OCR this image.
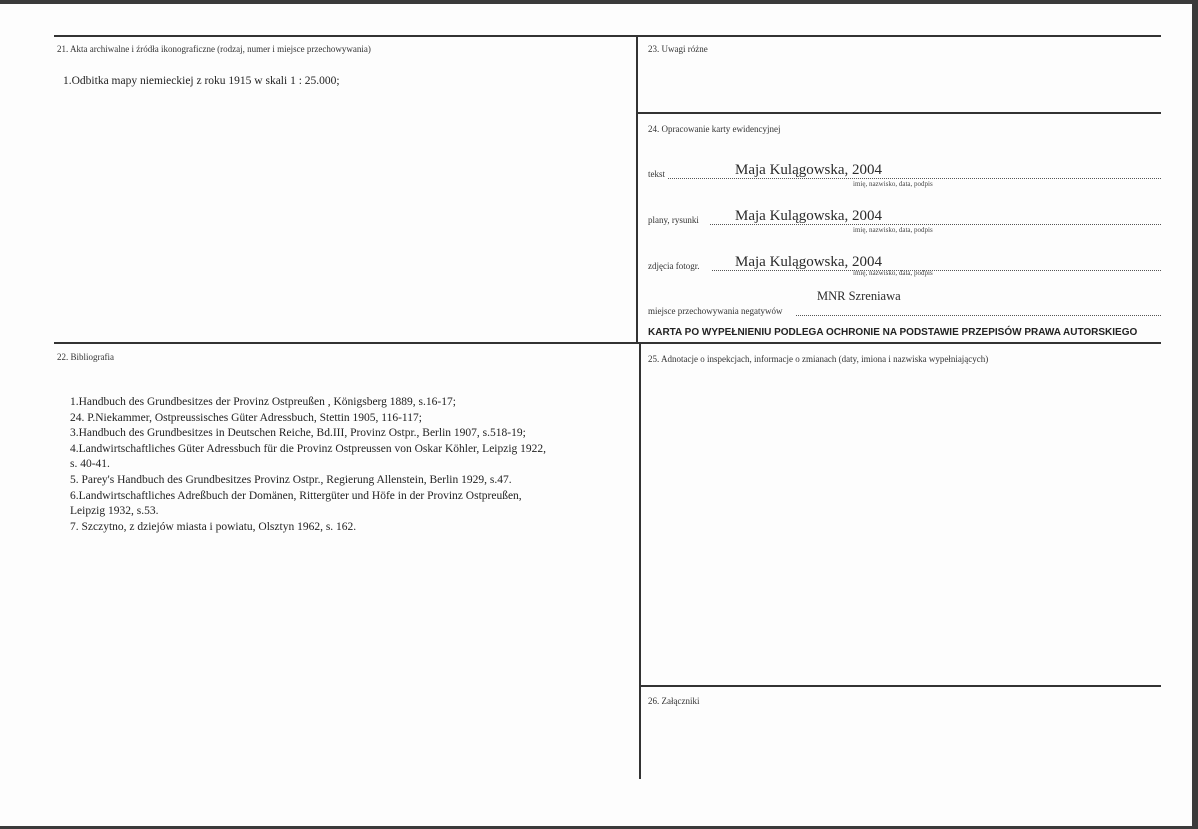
21. Akta archiwalne i źródła ikonograficzne (rodzaj, numer i miejsce przechowywania)
1.Odbitka mapy niemieckiej z roku 1915 w skali 1 : 25.000;
23. Uwagi różne
24. Opracowanie karty ewidencyjnej
tekst	Maja Kulągowska, 2004
imię, nazwisko, data, podpis
plany, rysunki Maja Kulągowska, 2004
imię, nazwisko, data, podpis
zdjęcia fotogr. Maja Kulągowska, 2004
imię, nazwisko, data, podpis
miejsce przechowywania negatywów
MNR Szreniawa
KARTA PO WYPEŁNIENIU PODLEGA OCHRONIE NA PODSTAWIE PRZEPISÓW PRAWA AUTORSKIEGO
22. Bibliografia
1.Handbuch des Grundbesitzes der Provinz Ostpreußen , Königsberg 1889, s.16-17;
24. P.Niekammer, Ostpreussisches Güter Adressbuch, Stettin 1905, 116-117;
3.Handbuch des Grundbesitzes in Deutschen Reiche, Bd.III, Provinz Ostpr., Berlin 1907, s.518-19;
4.Landwirtschaftliches Güter Adressbuch für die Provinz Ostpreussen von Oskar Köhler, Leipzig 1922,
s. 40-41.
5. Parey's Handbuch des Grundbesitzes Provinz Ostpr., Regierung Allenstein, Berlin 1929, s.47.
6.Landwirtschaftliches Adreßbuch der Domänen, Rittergüter und Höfe in der Provinz Ostpreußen,
Leipzig 1932, s.53.
7. Szczytno, z dziejów miasta i powiatu, Olsztyn 1962, s. 162.
25. Adnotacje o inspekcjach, informacje o zmianach (daty, imiona i nazwiska wypełniających)
26. Załączniki
